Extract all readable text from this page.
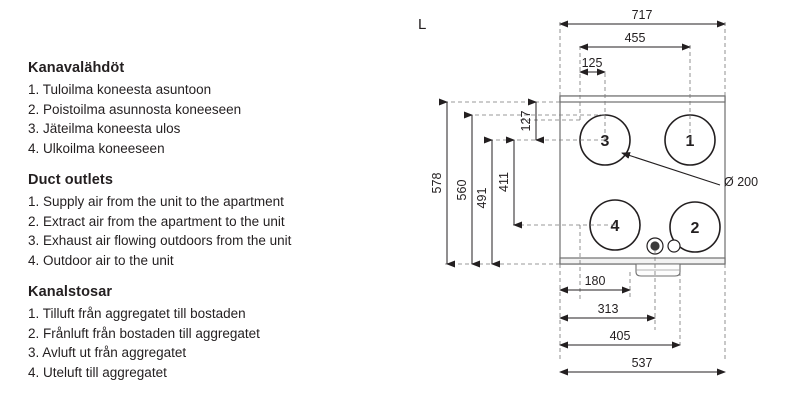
Kanavalähdöt
1. Tuloilma koneesta asuntoon
2. Poistoilma asunnosta koneeseen
3. Jäteilma koneesta ulos
4. Ulkoilma koneeseen
Duct outlets
1. Supply air from the unit to the apartment
2. Extract air from the apartment to the unit
3. Exhaust air flowing outdoors from the unit
4. Outdoor air to the unit
Kanalstosar
1. Tilluft från aggregatet till bostaden
2. Frånluft från bostaden till aggregatet
3. Avluft ut från aggregatet
4. Uteluft till aggregatet
L
3	1
4	2
Ø 200
717
455
125
578 560 491
411
127
180
313
405
537
